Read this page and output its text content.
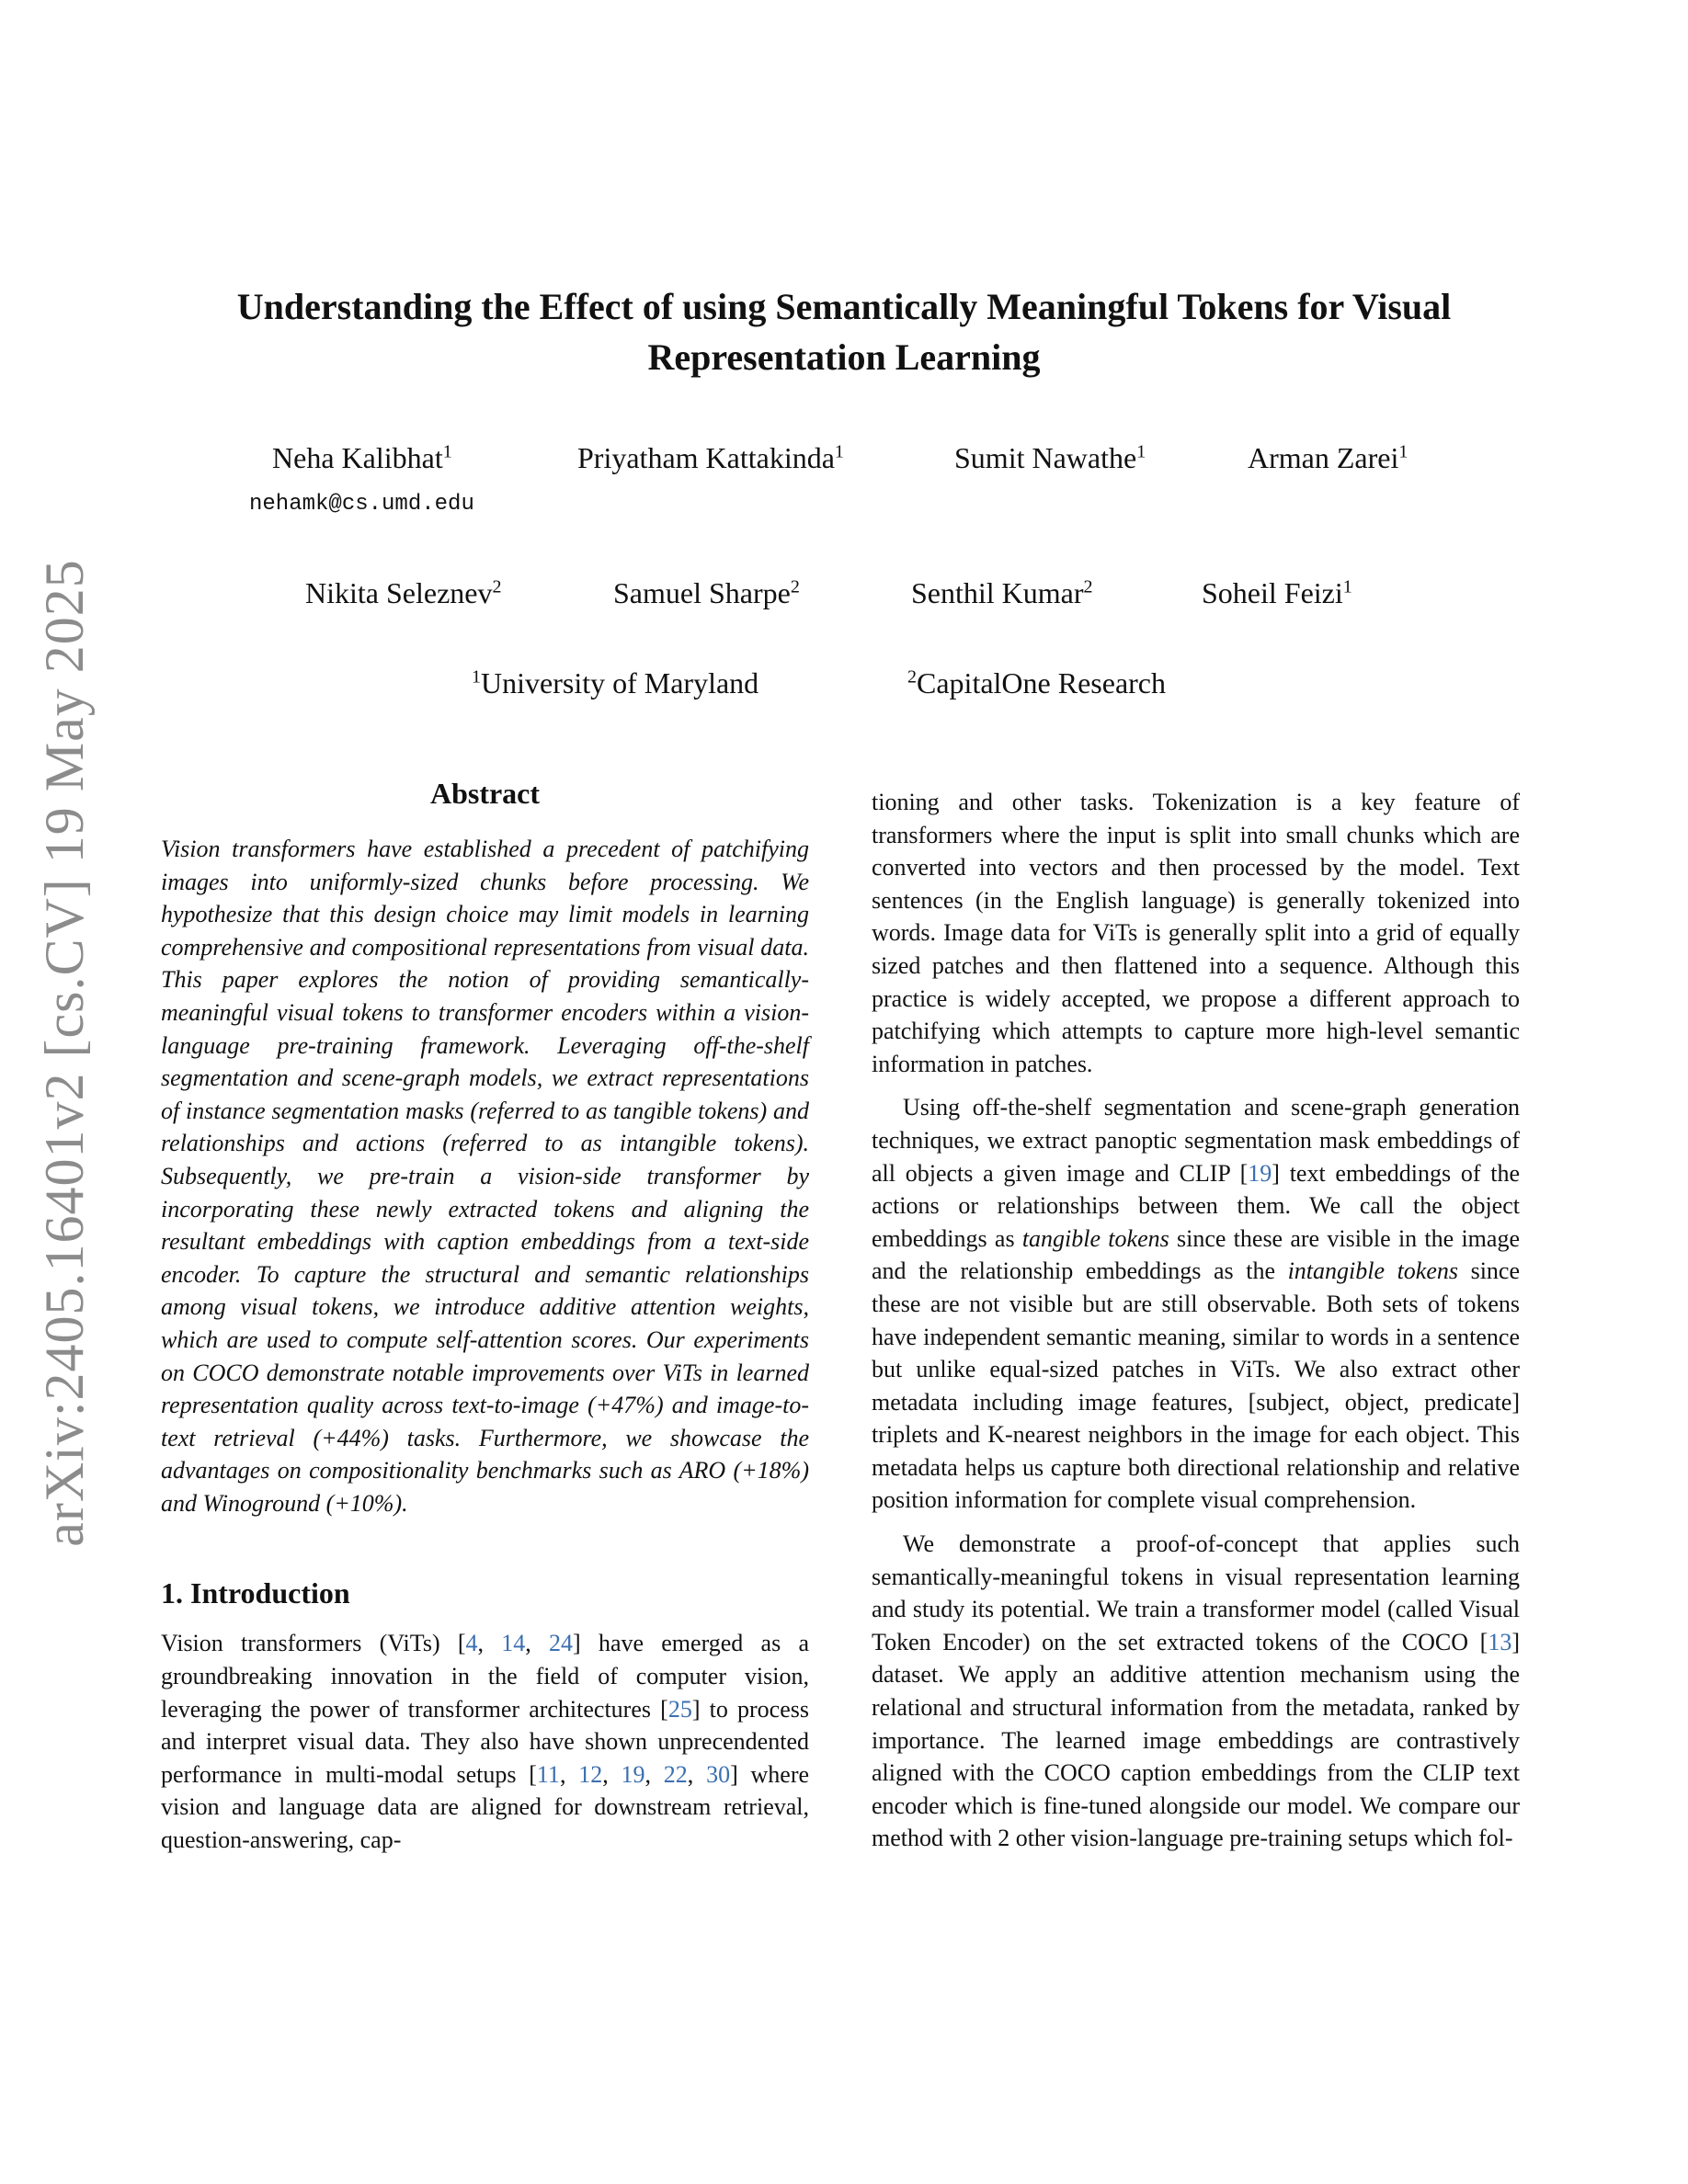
arXiv:2405.16401v2 [cs.CV] 19 May 2025
Understanding the Effect of using Semantically Meaningful Tokens for Visual
Representation Learning
Neha Kalibhat$^1$
nehamk@cs.umd.edu
Priyatham Kattakinda$^1$	Sumit Nawathe$^1$	Arman Zarei$^1$
Nikita Seleznev$^2$	Samuel Sharpe$^2$	Senthil Kumar$^2$	Soheil Feizi$^1$
$^1$University of Maryland	$^2$CapitalOne Research
Abstract

Vision transformers have established a precedent of patchifying images into uniformly-sized chunks before processing. We hypothesize that this design choice may limit models in learning comprehensive and compositional representations from visual data. This paper explores the notion of providing semantically-meaningful visual tokens to transformer encoders within a vision-language pre-training framework. Leveraging off-the-shelf segmentation and scene-graph models, we extract representations of instance segmentation masks (referred to as tangible tokens) and relationships and actions (referred to as intangible tokens). Subsequently, we pre-train a vision-side transformer by incorporating these newly extracted tokens and aligning the resultant embeddings with caption embeddings from a text-side encoder. To capture the structural and semantic relationships among visual tokens, we introduce additive attention weights, which are used to compute self-attention scores. Our experiments on COCO demonstrate notable improvements over ViTs in learned representation quality across text-to-image (+47%) and image-to-text retrieval (+44%) tasks. Furthermore, we showcase the advantages on compositionality benchmarks such as ARO (+18%) and Winoground (+10%).

1. Introduction

Vision transformers (ViTs) [4, 14, 24] have emerged as a groundbreaking innovation in the field of computer vision, leveraging the power of transformer architectures [25] to process and interpret visual data. They also have shown unprecendented performance in multi-modal setups [11, 12, 19, 22, 30] where vision and language data are aligned for downstream retrieval, question-answering, cap-

tioning and other tasks. Tokenization is a key feature of transformers where the input is split into small chunks which are converted into vectors and then processed by the model. Text sentences (in the English language) is generally tokenized into words. Image data for ViTs is generally split into a grid of equally sized patches and then flattened into a sequence. Although this practice is widely accepted, we propose a different approach to patchifying which attempts to capture more high-level semantic information in patches.

Using off-the-shelf segmentation and scene-graph generation techniques, we extract panoptic segmentation mask embeddings of all objects a given image and CLIP [19] text embeddings of the actions or relationships between them. We call the object embeddings as tangible tokens since these are visible in the image and the relationship embeddings as the intangible tokens since these are not visible but are still observable. Both sets of tokens have independent semantic meaning, similar to words in a sentence but unlike equal-sized patches in ViTs. We also extract other metadata including image features, [subject, object, predicate] triplets and K-nearest neighbors in the image for each object. This metadata helps us capture both directional relationship and relative position information for complete visual comprehension.

We demonstrate a proof-of-concept that applies such semantically-meaningful tokens in visual representation learning and study its potential. We train a transformer model (called Visual Token Encoder) on the set extracted tokens of the COCO [13] dataset. We apply an additive attention mechanism using the relational and structural information from the metadata, ranked by importance. The learned image embeddings are contrastively aligned with the COCO caption embeddings from the CLIP text encoder which is fine-tuned alongside our model. We compare our method with 2 other vision-language pre-training setups which fol-
